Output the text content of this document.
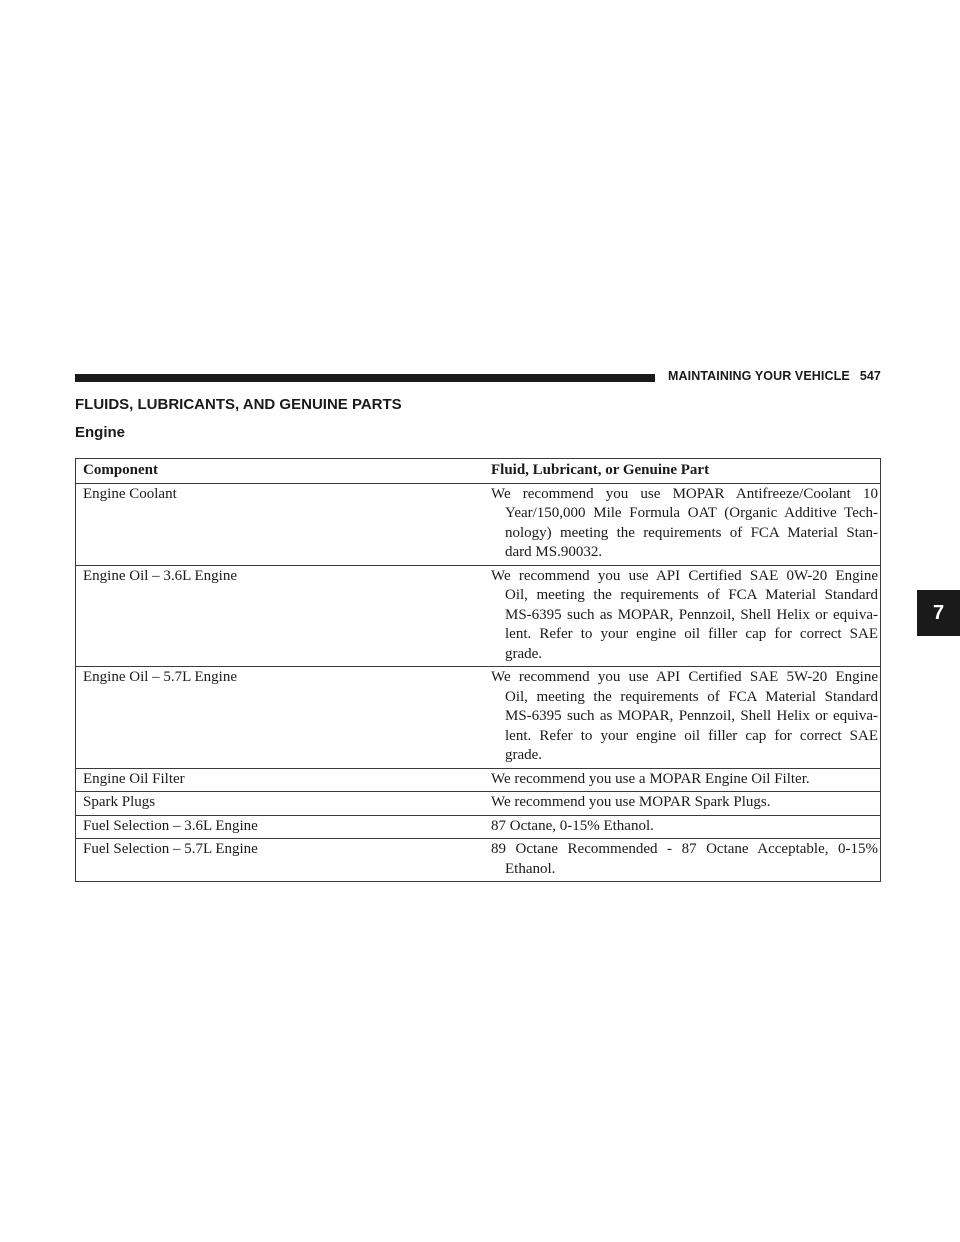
MAINTAINING YOUR VEHICLE 547
FLUIDS, LUBRICANTS, AND GENUINE PARTS
Engine
7
Component	Fluid, Lubricant, or Genuine Part
Engine Coolant	We recommend you use MOPAR Antifreeze/Coolant 10
Year/150,000 Mile Formula OAT (Organic Additive Tech-
nology) meeting the requirements of FCA Material Stan-
dard MS.90032.

Engine Oil – 3.6L Engine	We recommend you use API Certified SAE 0W-20 Engine
Oil, meeting the requirements of FCA Material Standard
MS-6395 such as MOPAR, Pennzoil, Shell Helix or equiva-
lent. Refer to your engine oil filler cap for correct SAE
grade.

Engine Oil – 5.7L Engine	We recommend you use API Certified SAE 5W-20 Engine
Oil, meeting the requirements of FCA Material Standard
MS-6395 such as MOPAR, Pennzoil, Shell Helix or equiva-
lent. Refer to your engine oil filler cap for correct SAE
grade.

Engine Oil Filter	We recommend you use a MOPAR Engine Oil Filter.

Spark Plugs	We recommend you use MOPAR Spark Plugs.

Fuel Selection – 3.6L Engine	87 Octane, 0-15% Ethanol.

Fuel Selection – 5.7L Engine	89 Octane Recommended - 87 Octane Acceptable, 0-15%
Ethanol.
